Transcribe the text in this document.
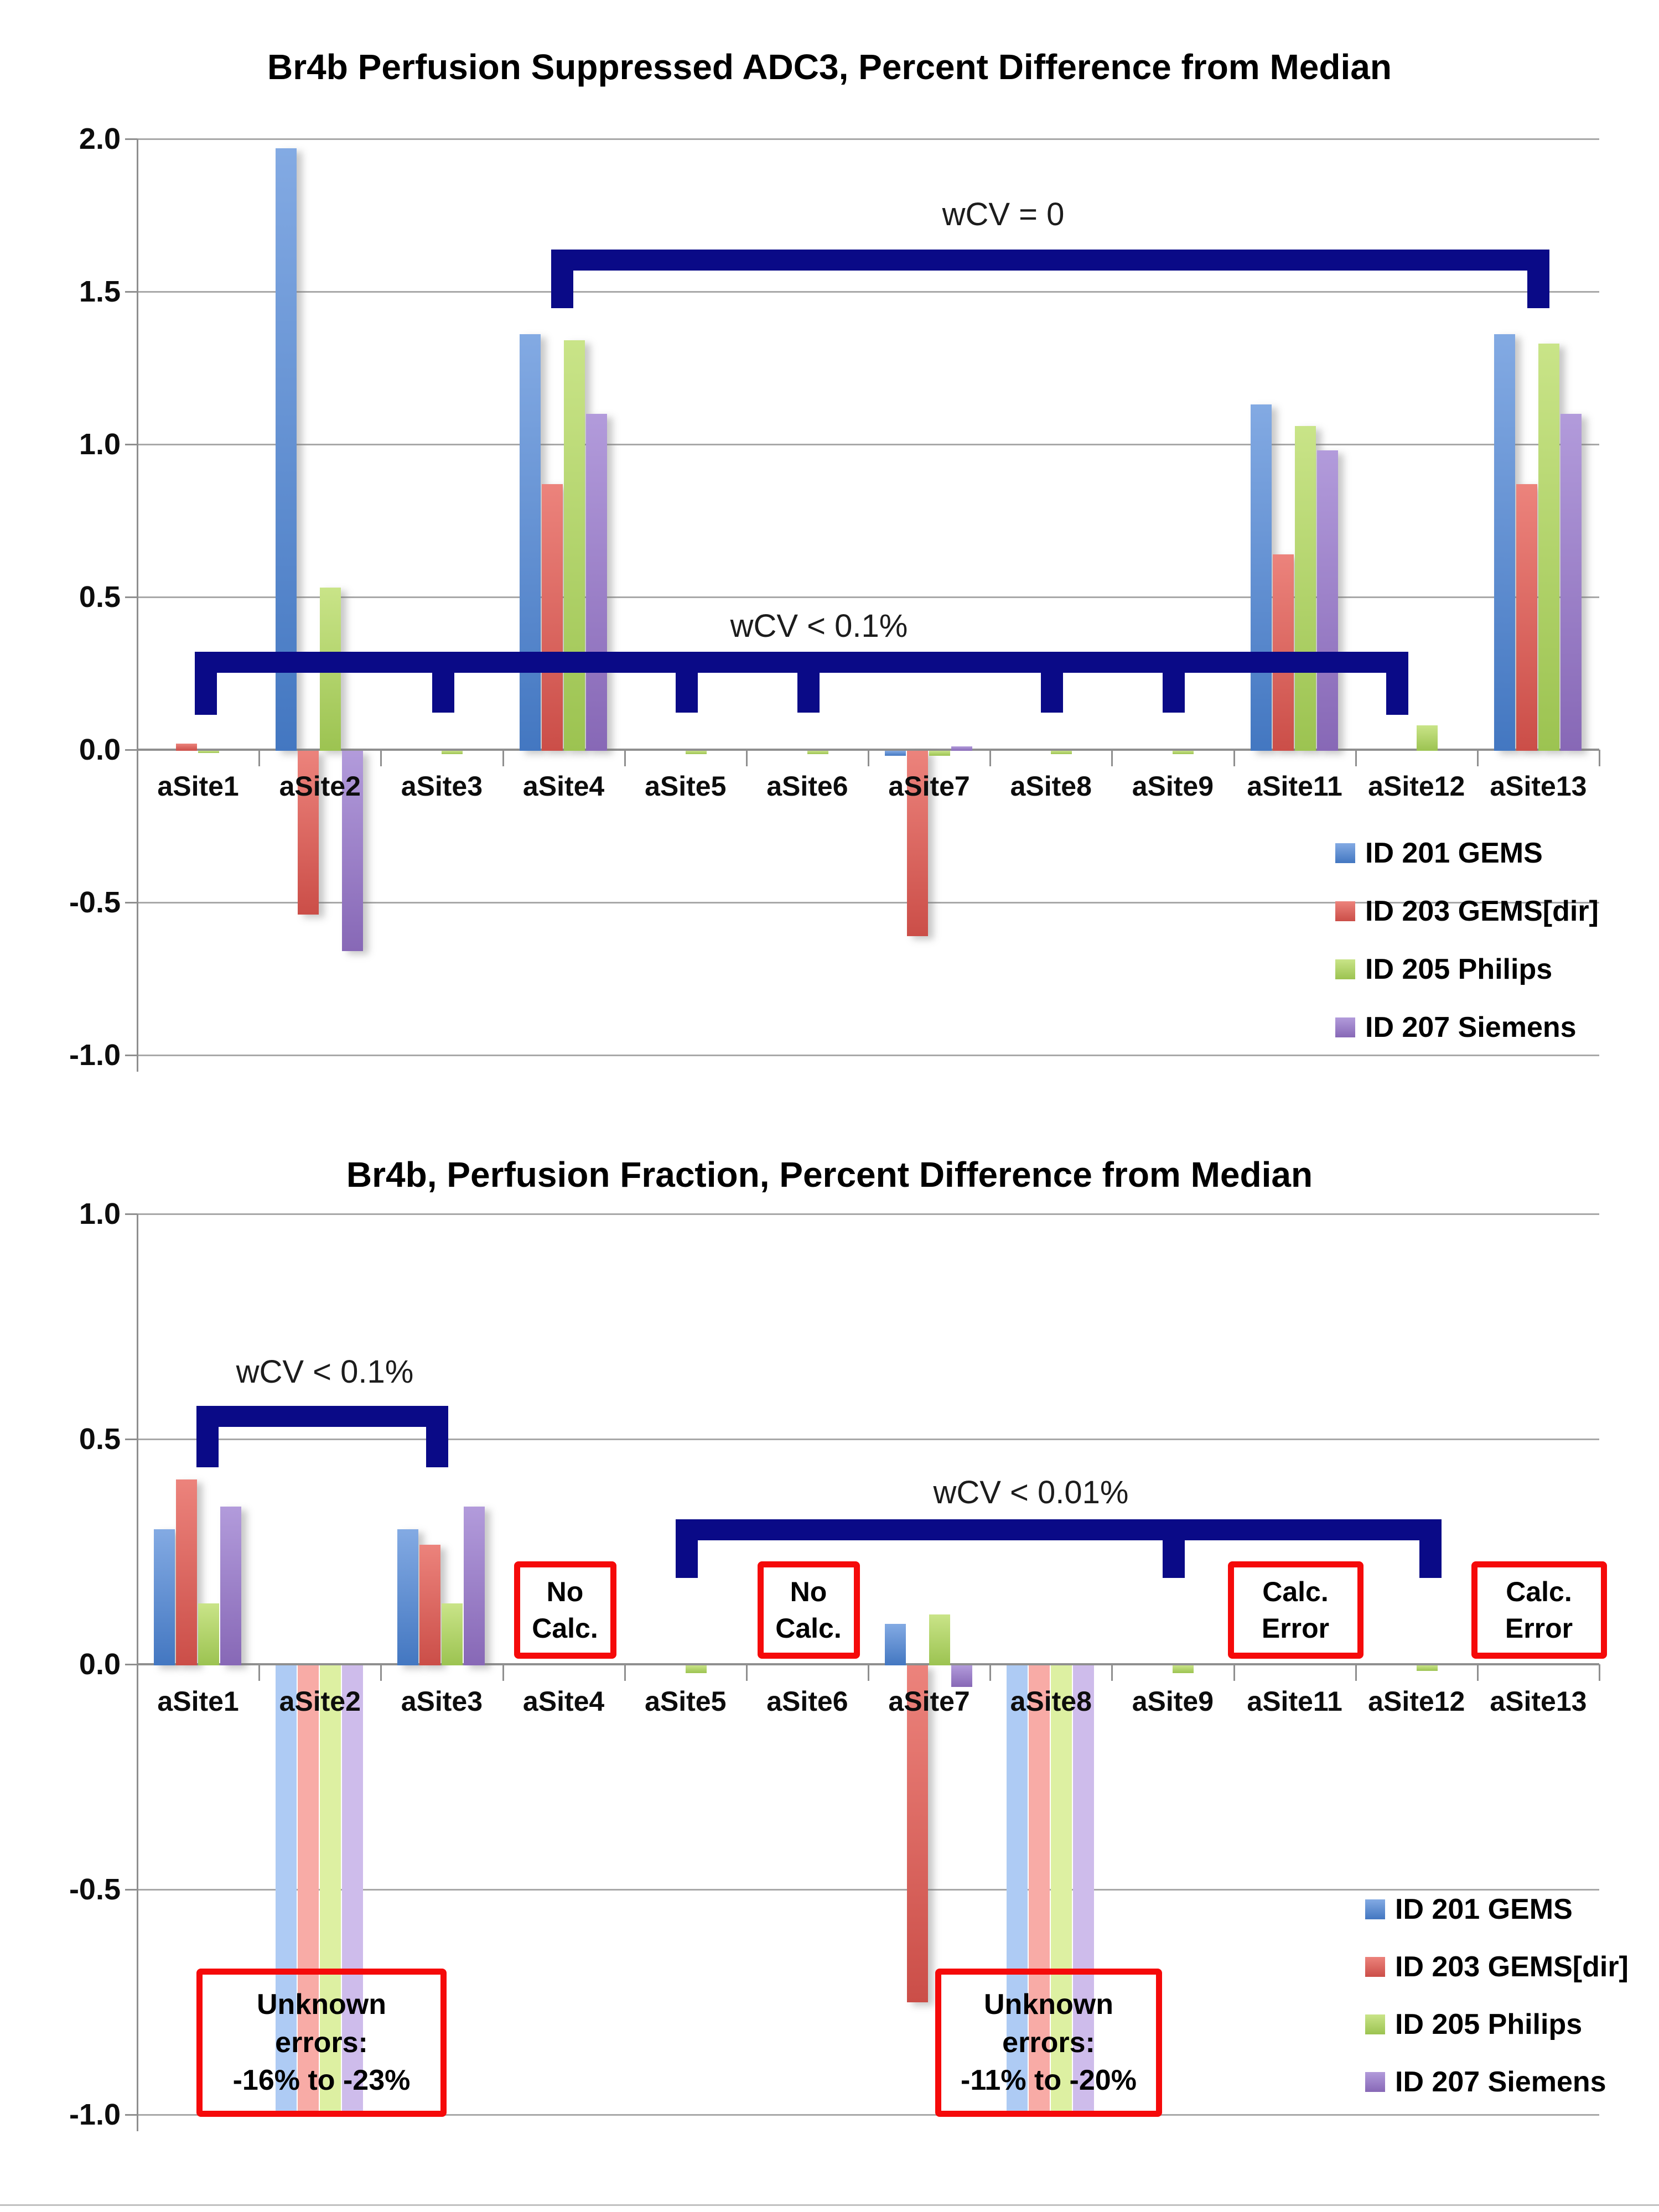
Br4b Perfusion Suppressed ADC3, Percent Difference from Median
2.0
1.5
1.0
0.5
0.0
-0.5
-1.0
aSite1	aSite2	aSite3	aSite4	aSite5	aSite6	aSite7	aSite8	aSite9	aSite11 aSite12 aSite13
wCV = 0
wCV < 0.1%
ID 201 GEMS
ID 203 GEMS[dir]
ID 205 Philips
ID 207 Siemens
Br4b, Perfusion Fraction, Percent Difference from Median
1.0
0.5
0.0
-0.5
-1.0
aSite1	aSite2	aSite3	aSite4	aSite5	aSite6	aSite7	aSite8	aSite9	aSite11 aSite12 aSite13
wCV < 0.1%
wCV < 0.01%
No
Calc.
No
Calc.
Calc.
Error
Calc.
Error
Unknown
errors:
-16% to -23%
Unknown
errors:
-11% to -20%
ID 201 GEMS
ID 203 GEMS[dir]
ID 205 Philips
ID 207 Siemens
